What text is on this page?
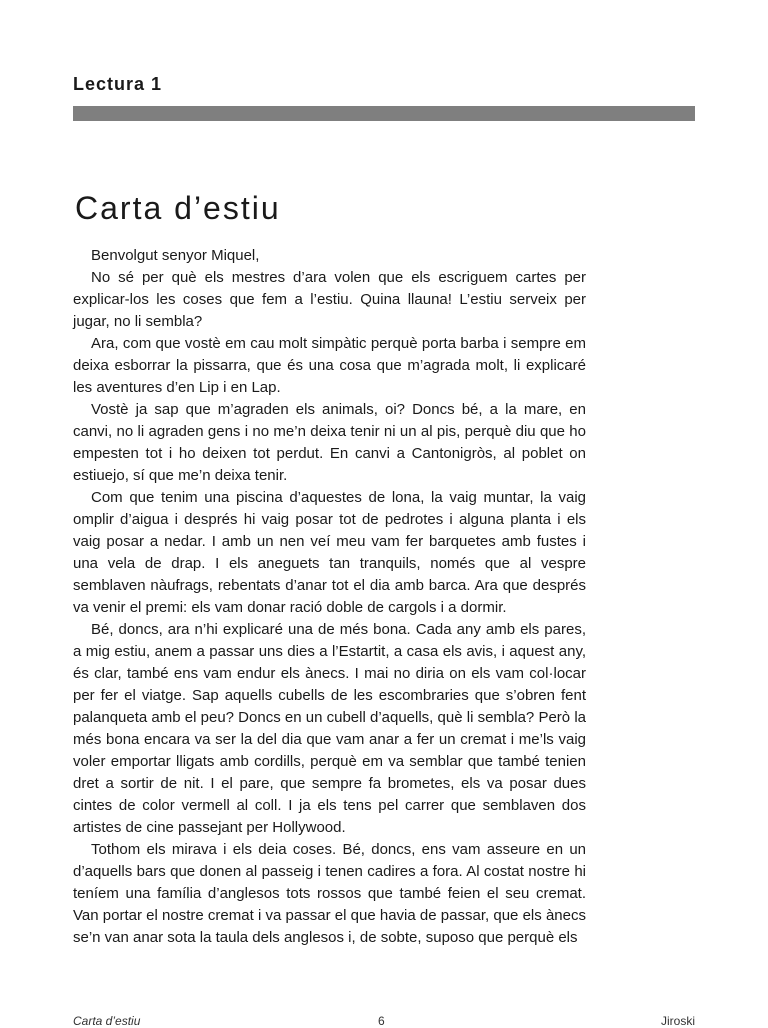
Lectura 1
Carta d’estiu

Benvolgut senyor Miquel,

No sé per què els mestres d’ara volen que els escriguem cartes per explicar-los les coses que fem a l’estiu. Quina llauna! L’estiu serveix per jugar, no li sembla?

Ara, com que vostè em cau molt simpàtic perquè porta barba i sempre em deixa esborrar la pissarra, que és una cosa que m’agrada molt, li explicaré les aventures d’en Lip i en Lap.

Vostè ja sap que m’agraden els animals, oi? Doncs bé, a la mare, en canvi, no li agraden gens i no me’n deixa tenir ni un al pis, perquè diu que ho empesten tot i ho deixen tot perdut. En canvi a Cantonigròs, al poblet on estiuejo, sí que me’n deixa tenir.

Com que tenim una piscina d’aquestes de lona, la vaig muntar, la vaig omplir d’aigua i després hi vaig posar tot de pedrotes i alguna planta i els vaig posar a nedar. I amb un nen veí meu vam fer barquetes amb fustes i una vela de drap. I els aneguets tan tranquils, només que al vespre semblaven nàufrags, rebentats d’anar tot el dia amb barca. Ara que després va venir el premi: els vam donar ració doble de cargols i a dormir.

Bé, doncs, ara n’hi explicaré una de més bona. Cada any amb els pares, a mig estiu, anem a passar uns dies a l’Estartit, a casa els avis, i aquest any, és clar, també ens vam endur els ànecs. I mai no diria on els vam col·locar per fer el viatge. Sap aquells cubells de les escombraries que s’obren fent palanqueta amb el peu? Doncs en un cubell d’aquells, què li sembla? Però la més bona encara va ser la del dia que vam anar a fer un cremat i me’ls vaig voler emportar lligats amb cordills, perquè em va semblar que també tenien dret a sortir de nit. I el pare, que sempre fa brometes, els va posar dues cintes de color vermell al coll. I ja els tens pel carrer que semblaven dos artistes de cine passejant per Hollywood.

Tothom els mirava i els deia coses. Bé, doncs, ens vam asseure en un d’aquells bars que donen al passeig i tenen cadires a fora. Al costat nostre hi teníem una família d’anglesos tots rossos que també feien el seu cremat. Van portar el nostre cremat i va passar el que havia de passar, que els ànecs se’n van anar sota la taula dels anglesos i, de sobte, suposo que perquè els

Carta d’estiu	6	Jiroski
